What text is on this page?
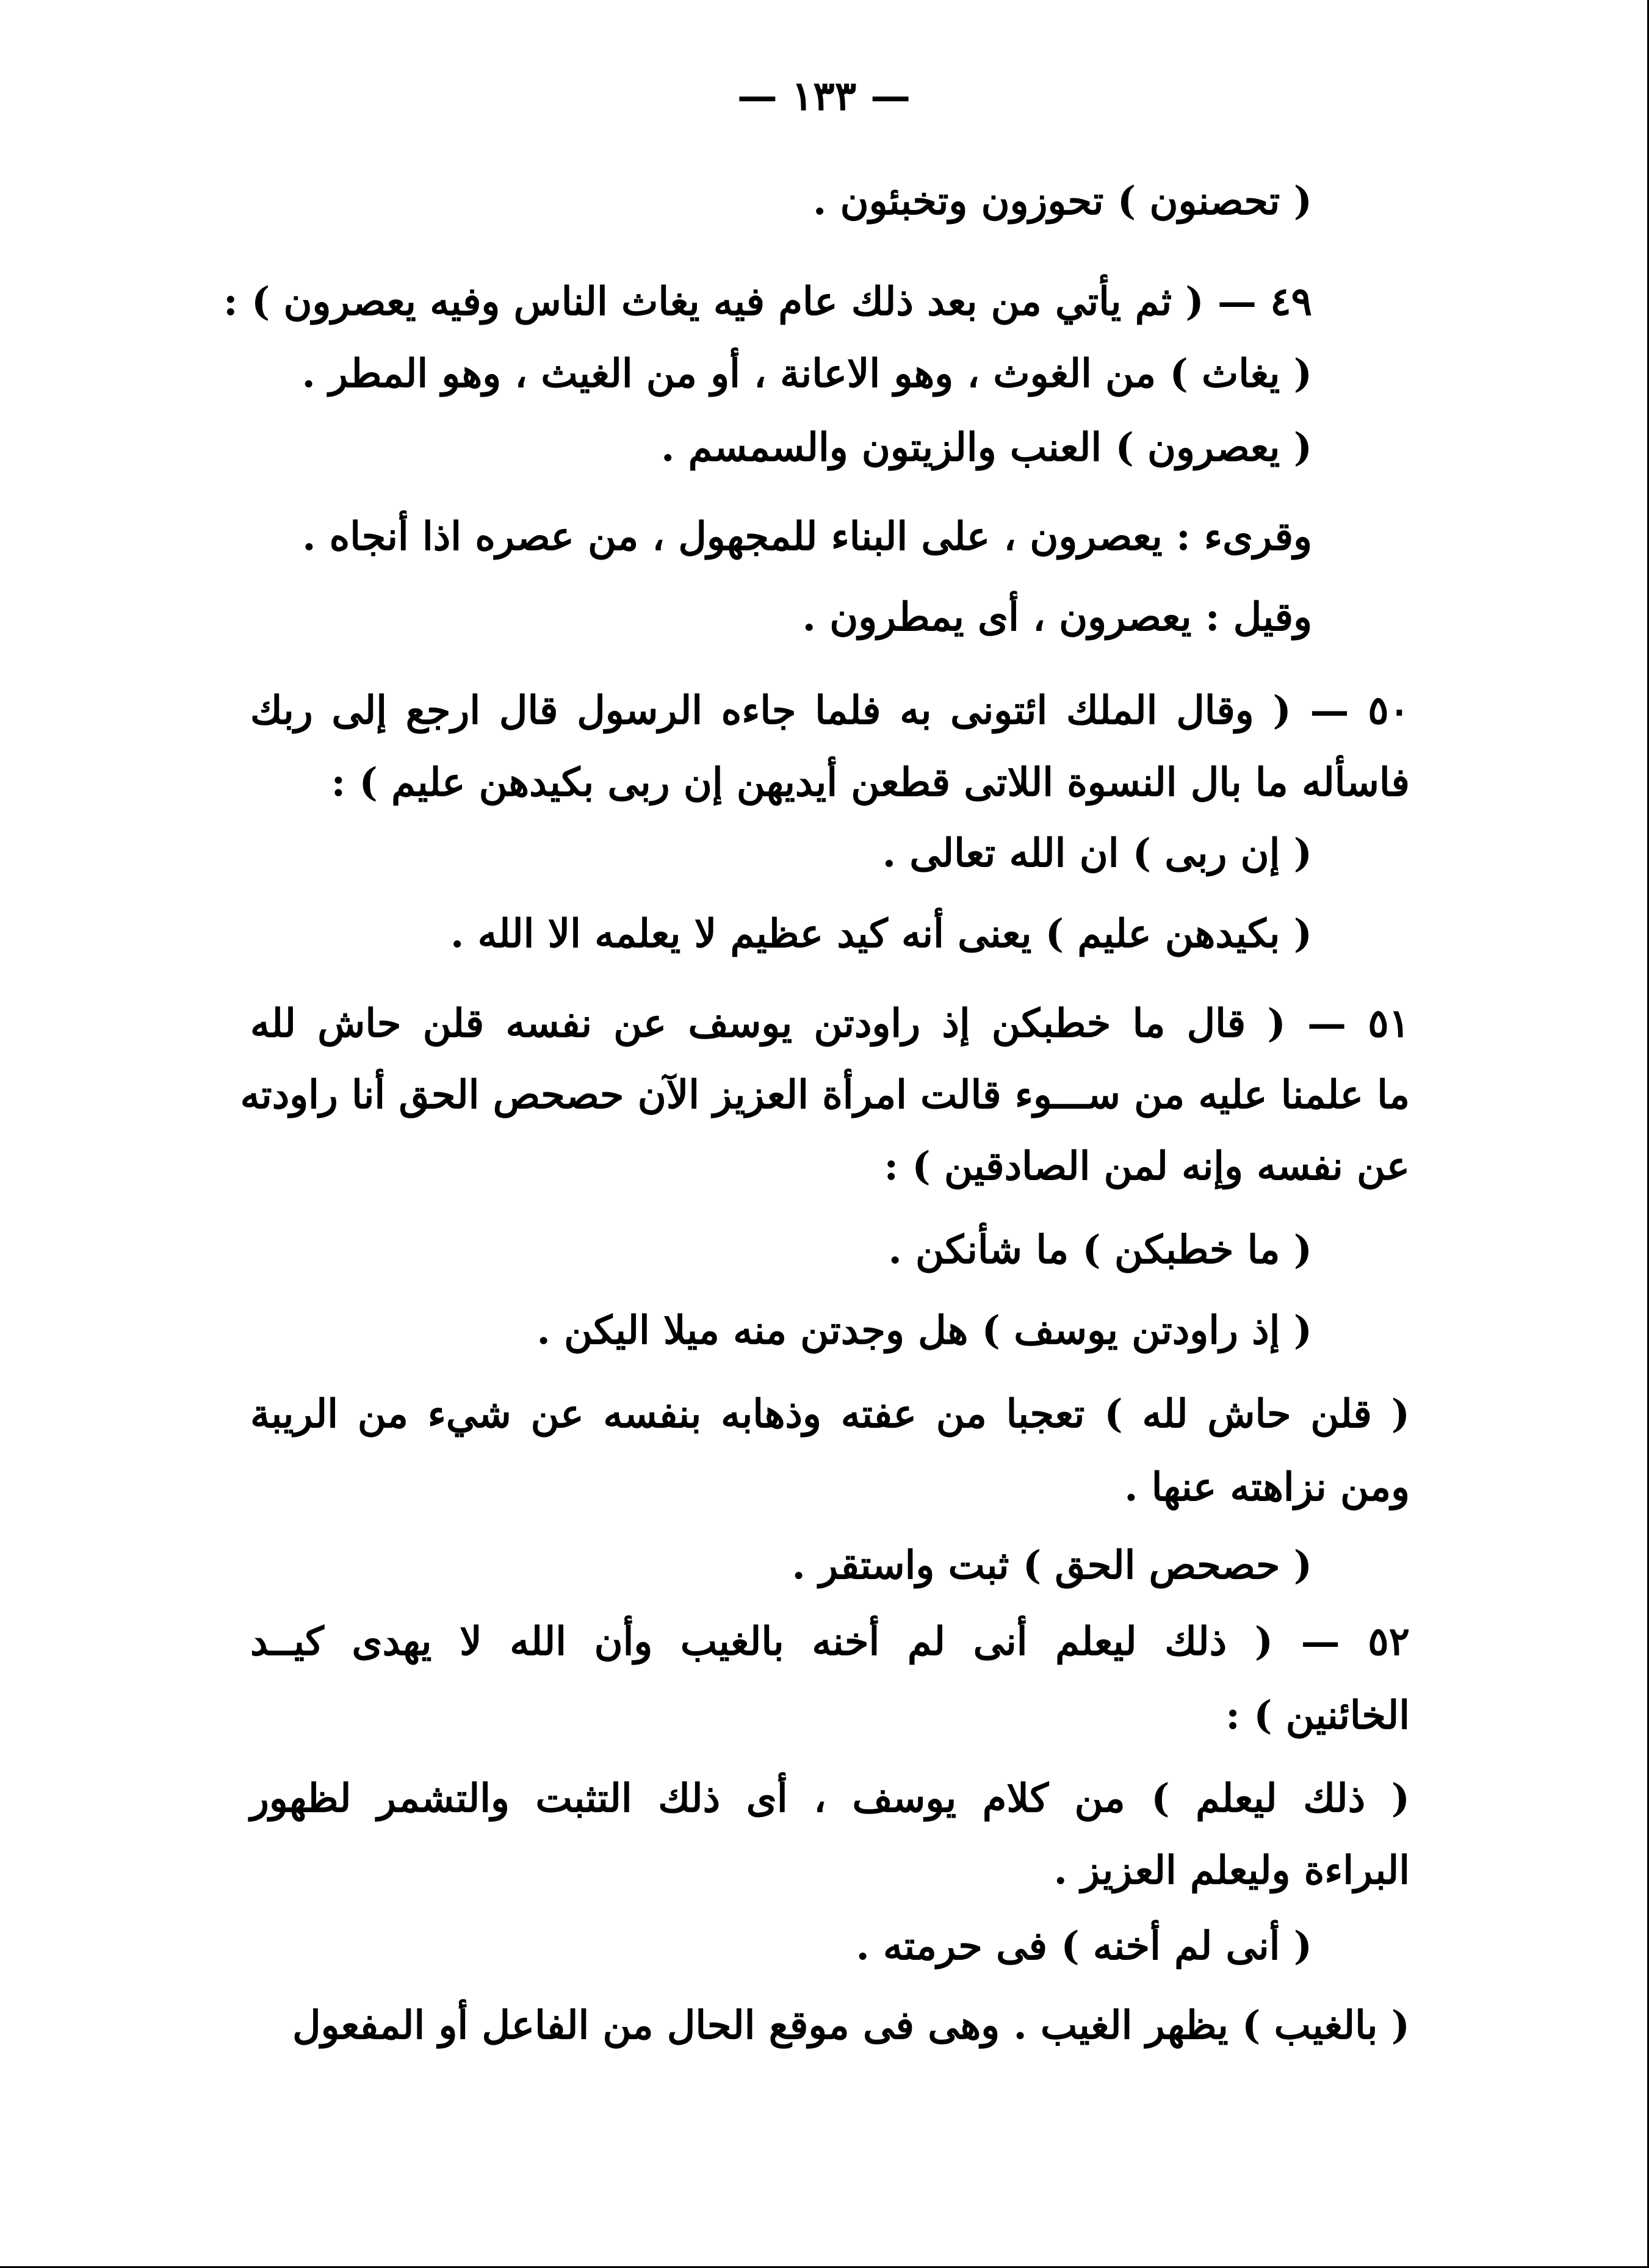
— ١٣٣ —
( تحصنون ) تحوزون وتخبئون .
٤٩ — ( ثم يأتي من بعد ذلك عام فيه يغاث الناس وفيه يعصرون ) :
( يغاث ) من الغوث ، وهو الاعانة ، أو من الغيث ، وهو المطر .
( يعصرون ) العنب والزيتون والسمسم .
وقرىء : يعصرون ، على البناء للمجهول ، من عصره اذا أنجاه .
وقيل : يعصرون ، أى يمطرون .
٥٠ — ( وقال الملك ائتونى به فلما جاءه الرسول قال ارجع إلى ربك
فاسأله ما بال النسوة اللاتى قطعن أيديهن إن ربى بكيدهن عليم ) :
( إن ربى ) ان الله تعالى .
( بكيدهن عليم ) يعنى أنه كيد عظيم لا يعلمه الا الله .
٥١ — ( قال ما خطبكن إذ راودتن يوسف عن نفسه قلن حاش لله
ما علمنا عليه من ســـوء قالت امرأة العزيز الآن حصحص الحق أنا راودته
عن نفسه وإنه لمن الصادقين ) :
( ما خطبكن ) ما شأنكن .
( إذ راودتن يوسف ) هل وجدتن منه ميلا اليكن .
( قلن حاش لله ) تعجبا من عفته وذهابه بنفسه عن شيء من الريبة
ومن نزاهته عنها .
( حصحص الحق ) ثبت واستقر .
٥٢ — ( ذلك ليعلم أنى لم أخنه بالغيب وأن الله لا يهدى كيــد
الخائنين ) :
( ذلك ليعلم ) من كلام يوسف ، أى ذلك التثبت والتشمر لظهور
البراءة وليعلم العزيز .
( أنى لم أخنه ) فى حرمته .
( بالغيب ) يظهر الغيب . وهى فى موقع الحال من الفاعل أو المفعول
